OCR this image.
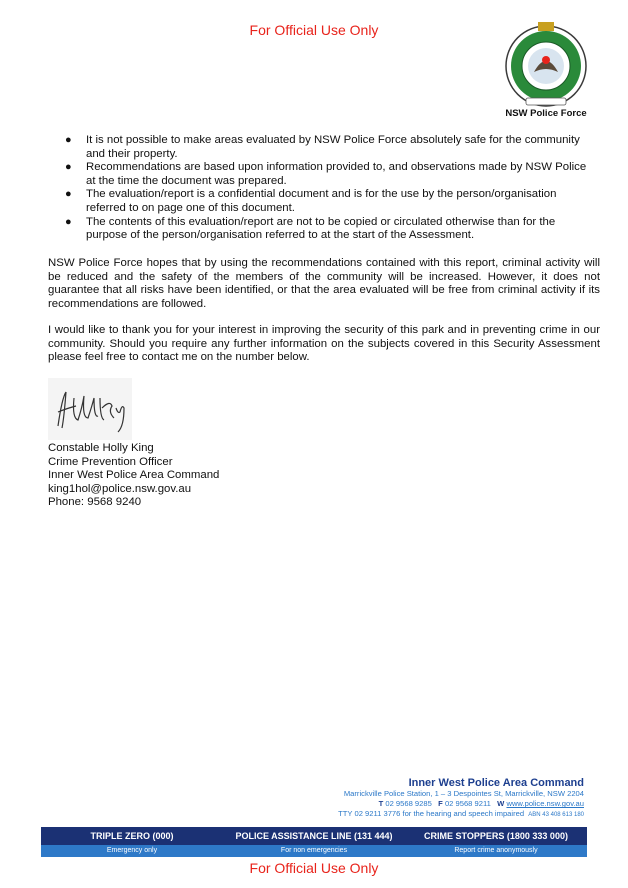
For Official Use Only
NSW Police Force
● It is not possible to make areas evaluated by NSW Police Force absolutely safe for the community and their property.
● Recommendations are based upon information provided to, and observations made by NSW Police at the time the document was prepared.
● The evaluation/report is a confidential document and is for the use by the person/organisation referred to on page one of this document.
● The contents of this evaluation/report are not to be copied or circulated otherwise than for the purpose of the person/organisation referred to at the start of the Assessment.

NSW Police Force hopes that by using the recommendations contained with this report, criminal activity will be reduced and the safety of the members of the community will be increased. However, it does not guarantee that all risks have been identified, or that the area evaluated will be free from criminal activity if its recommendations are followed.

I would like to thank you for your interest in improving the security of this park and in preventing crime in our community. Should you require any further information on the subjects covered in this Security Assessment please feel free to contact me on the number below.

Constable Holly King
Crime Prevention Officer
Inner West Police Area Command
king1hol@police.nsw.gov.au
Phone: 9568 9240
Inner West Police Area Command
Marrickville Police Station, 1 – 3 Despointes St, Marrickville, NSW 2204
T 02 9568 9285 F 02 9568 9211 W www.police.nsw.gov.au
TTY 02 9211 3776 for the hearing and speech impaired ABN 43 408 613 180
TRIPLE ZERO (000)	POLICE ASSISTANCE LINE (131 444)	CRIME STOPPERS (1800 333 000)
Emergency only	For non emergencies	Report crime anonymously
For Official Use Only
